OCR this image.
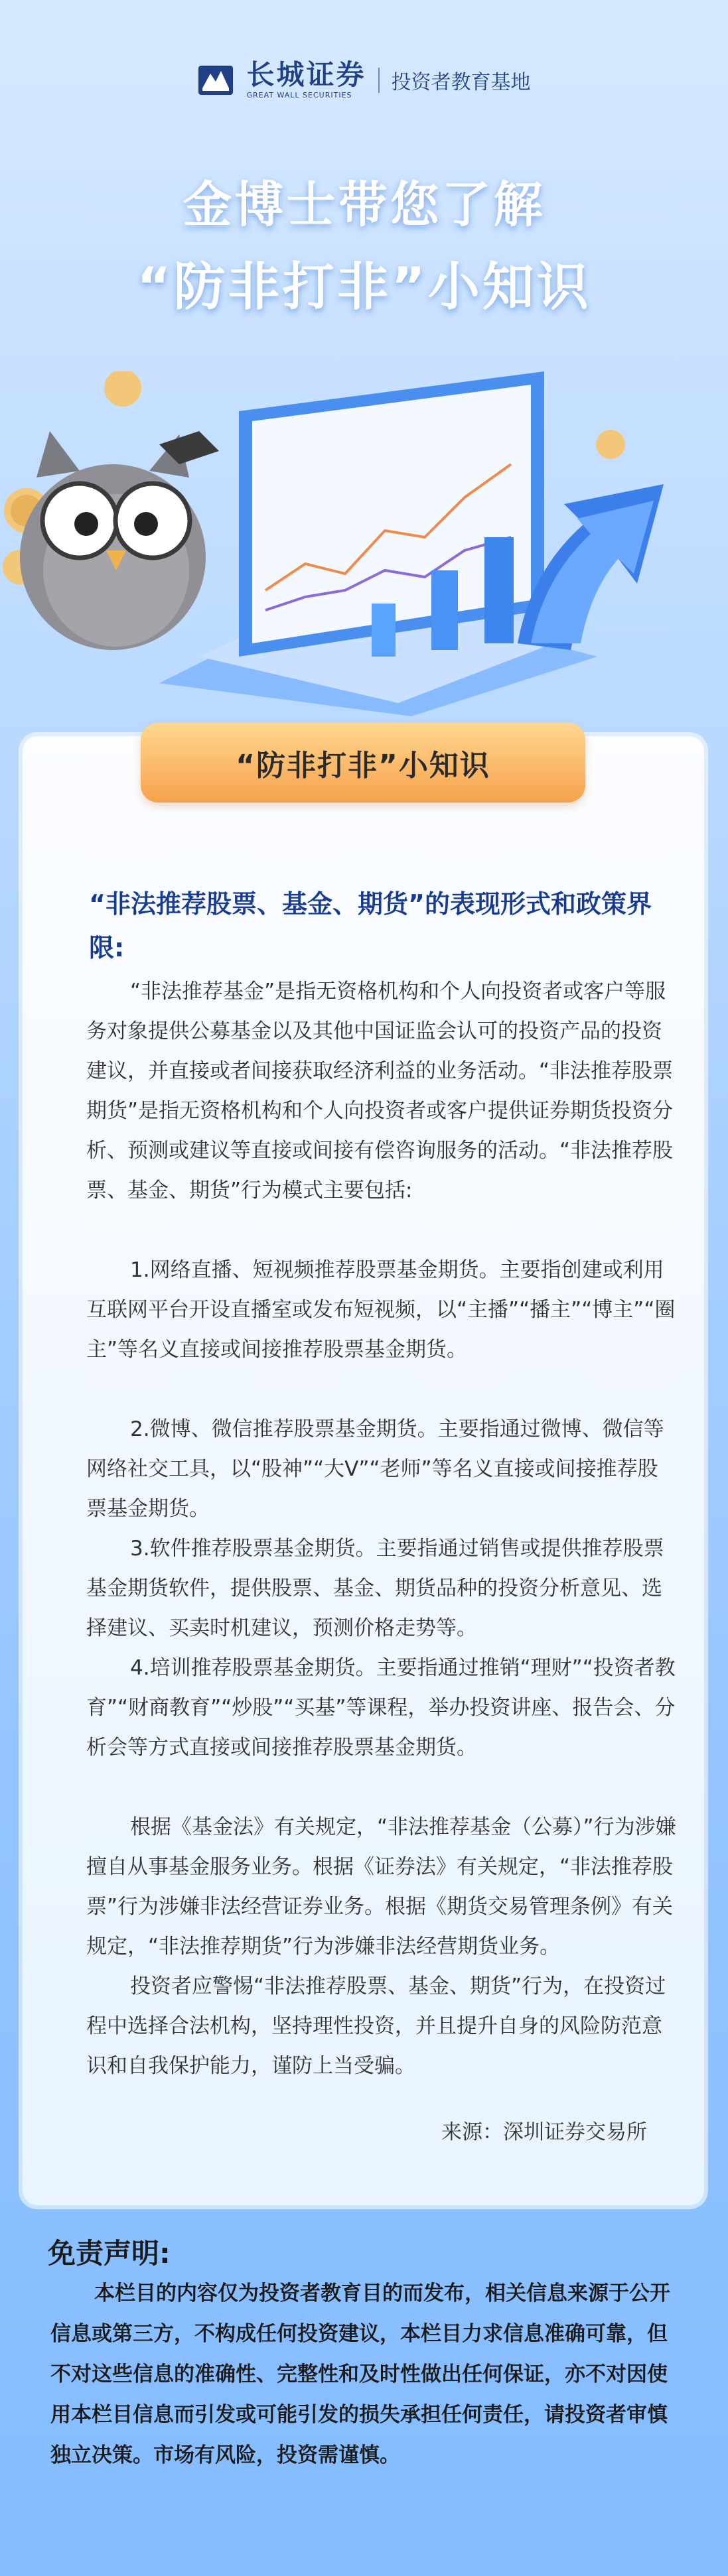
长城证券
GREAT WALL SECURITIES
投资者教育基地
金博士带您了解
“防非打非”小知识
“防非打非”小知识
“非法推荐股票、基金、期货”的表现形式和政策界限:

“非法推荐基金”是指无资格机构和个人向投资者或客户等服务对象提供公募基金以及其他中国证监会认可的投资产品的投资建议，并直接或者间接获取经济利益的业务活动。“非法推荐股票期货”是指无资格机构和个人向投资者或客户提供证券期货投资分析、预测或建议等直接或间接有偿咨询服务的活动。“非法推荐股票、基金、期货”行为模式主要包括:

1.网络直播、短视频推荐股票基金期货。主要指创建或利用互联网平台开设直播室或发布短视频，以“主播”“播主”“博主”“圈主”等名义直接或间接推荐股票基金期货。

2.微博、微信推荐股票基金期货。主要指通过微博、微信等网络社交工具，以“股神”“大V”“老师”等名义直接或间接推荐股票基金期货。

3.软件推荐股票基金期货。主要指通过销售或提供推荐股票基金期货软件，提供股票、基金、期货品种的投资分析意见、选择建议、买卖时机建议，预测价格走势等。

4.培训推荐股票基金期货。主要指通过推销“理财”“投资者教育”“财商教育”“炒股”“买基”等课程，举办投资讲座、报告会、分析会等方式直接或间接推荐股票基金期货。

根据《基金法》有关规定，“非法推荐基金（公募）”行为涉嫌擅自从事基金服务业务。根据《证券法》有关规定，“非法推荐股票”行为涉嫌非法经营证券业务。根据《期货交易管理条例》有关规定，“非法推荐期货”行为涉嫌非法经营期货业务。

投资者应警惕“非法推荐股票、基金、期货”行为，在投资过程中选择合法机构，坚持理性投资，并且提升自身的风险防范意识和自我保护能力，谨防上当受骗。

来源：深圳证券交易所
免责声明:

本栏目的内容仅为投资者教育目的而发布，相关信息来源于公开信息或第三方，不构成任何投资建议，本栏目力求信息准确可靠，但不对这些信息的准确性、完整性和及时性做出任何保证，亦不对因使用本栏目信息而引发或可能引发的损失承担任何责任，请投资者审慎独立决策。市场有风险，投资需谨慎。
